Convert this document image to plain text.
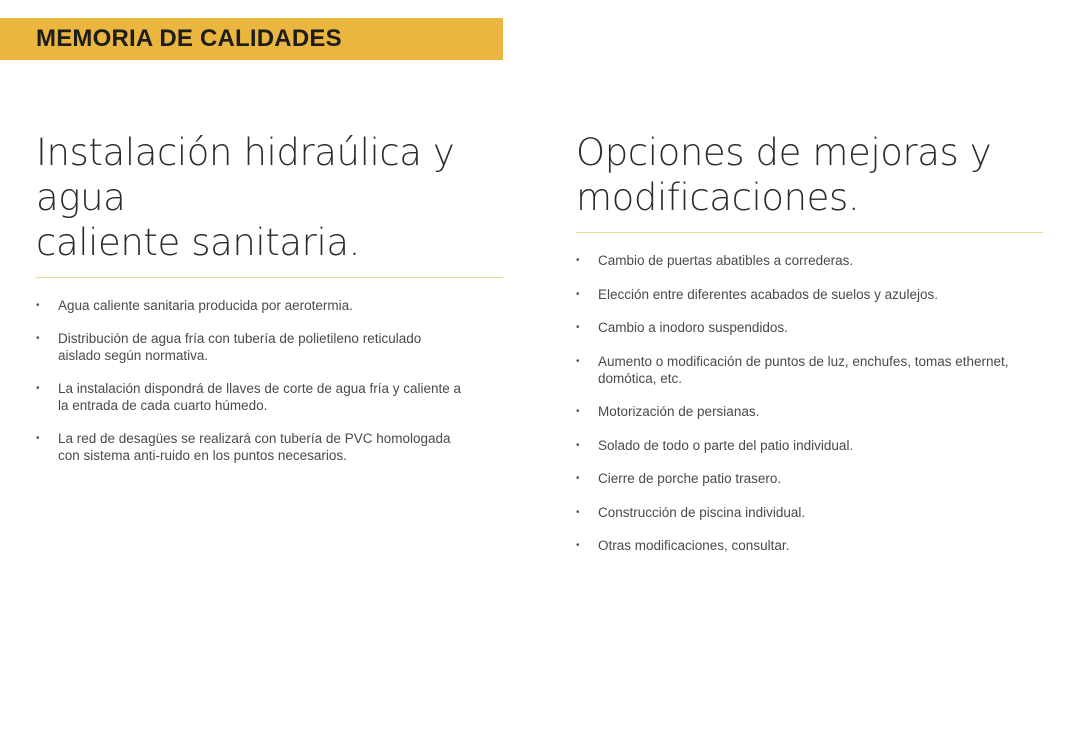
MEMORIA DE CALIDADES
Instalación hidraúlica y agua
caliente sanitaria.
• Agua caliente sanitaria producida por aerotermia.
• Distribución de agua fría con tubería de polietileno reticulado aislado según normativa.
• La instalación dispondrá de llaves de corte de agua fría y caliente a la entrada de cada cuarto húmedo.
• La red de desagües se realizará con tubería de PVC homologada con sistema anti-ruido en los puntos necesarios.
Opciones de mejoras y
modificaciones.
• Cambio de puertas abatibles a correderas.
• Elección entre diferentes acabados de suelos y azulejos.
• Cambio a inodoro suspendidos.
• Aumento o modificación de puntos de luz, enchufes, tomas ethernet, domótica, etc.
• Motorización de persianas.
• Solado de todo o parte del patio individual.
• Cierre de porche patio trasero.
• Construcción de piscina individual.
• Otras modificaciones, consultar.
